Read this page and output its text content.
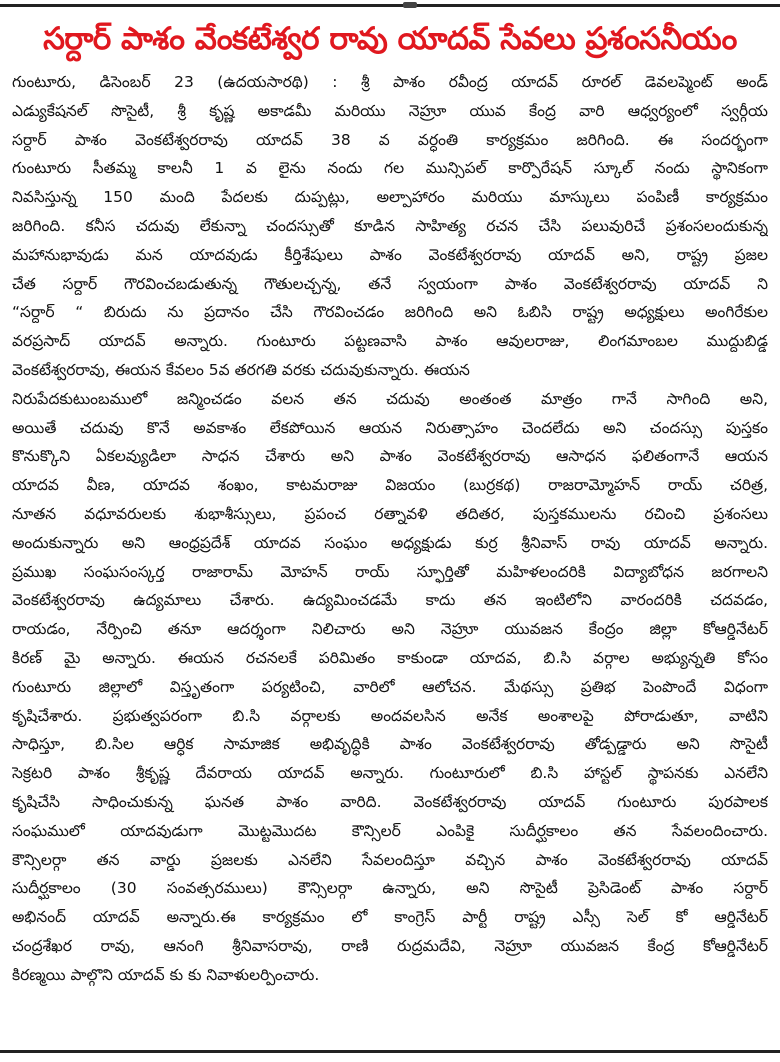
సర్దార్ పాశం వేంకటేశ్వర రావు యాదవ్ సేవలు ప్రశంసనీయం
గుంటూరు, డిసెంబర్ 23 (ఉదయసారథి) : శ్రీ పాశం రవీంద్ర యాదవ్ రూరల్ డెవలప్మెంట్ అండ్
ఎడ్యుకేషనల్ సొసైటీ, శ్రీ కృష్ణ అకాడమీ మరియు నెహ్రూ యువ కేంద్ర వారి ఆధ్వర్యంలో స్వర్గీయ
సర్దార్ పాశం వెంకటేశ్వరరావు యాదవ్ 38 వ వర్ధంతి కార్యక్రమం జరిగింది. ఈ సందర్భంగా
గుంటూరు సీతమ్మ కాలనీ 1 వ లైను నందు గల మున్సిపల్ కార్పొరేషన్ స్కూల్ నందు స్థానికంగా
నివసిస్తున్న 150 మంది పేదలకు దుప్పట్లు, అల్పాహారం మరియు మాస్కులు పంపిణీ కార్యక్రమం
జరిగింది. కనీస చదువు లేకున్నా చందస్సుతో కూడిన సాహిత్య రచన చేసి పలువురిచే ప్రశంసలందుకున్న
మహానుభావుడు మన యాదవుడు కీర్తిశేషులు పాశం వెంకటేశ్వరరావు యాదవ్ అని, రాష్ట్ర ప్రజల
చేత సర్దార్ గౌరవించబడుతున్న గౌతులచ్చన్న, తనే స్వయంగా పాశం వెంకటేశ్వరరావు యాదవ్ ని
“సర్దార్ “ బిరుదు ను ప్రదానం చేసి గౌరవించడం జరిగింది అని ఓబిసి రాష్ట్ర అధ్యక్షులు అంగిరేకుల
వరప్రసాద్ యాదవ్ అన్నారు. గుంటూరు పట్టణవాసి పాశం ఆవులరాజు, లింగమాంబల ముద్దుబిడ్డ
వెంకటేశ్వరరావు, ఈయన కేవలం 5వ తరగతి వరకు చదువుకున్నారు. ఈయన
నిరుపేదకుటుంబములో జన్మించడం వలన తన చదువు అంతంత మాత్రం గానే సాగింది అని,
అయితే చదువు కొనే అవకాశం లేకపోయిన ఆయన నిరుత్సాహం చెందలేదు అని చందస్సు పుస్తకం
కొనుక్కొని ఏకలవ్యుడిలా సాధన చేశారు అని పాశం వెంకటేశ్వరరావు ఆసాధన ఫలితంగానే ఆయన
యాదవ వీణ, యాదవ శంఖం, కాటమరాజు విజయం (బుర్రకథ) రాజరామ్మోహన్ రాయ్ చరిత్ర,
నూతన వధూవరులకు శుభాశీస్సులు, ప్రపంచ రత్నావళి తదితర, పుస్తకములను రచించి ప్రశంసలు
అందుకున్నారు అని ఆంధ్రప్రదేశ్ యాదవ సంఘం అధ్యక్షుడు కుర్ర శ్రీనివాస్ రావు యాదవ్ అన్నారు.
ప్రముఖ సంఘసంస్కర్త రాజారామ్ మోహన్ రాయ్ స్ఫూర్తితో మహిళలందరికి విద్యాబోధన జరగాలని
వెంకటేశ్వరరావు ఉద్యమాలు చేశారు. ఉద్యమించడమే కాదు తన ఇంటిలోని వారందరికి చదవడం,
రాయడం, నేర్పించి తనూ ఆదర్శంగా నిలిచారు అని నెహ్రూ యువజన కేంద్రం జిల్లా కోఆర్డినేటర్
కిరణ్ మై అన్నారు. ఈయన రచనలకే పరిమితం కాకుండా యాదవ, బి.సి వర్గాల అభ్యున్నతి కోసం
గుంటూరు జిల్లాలో విస్తృతంగా పర్యటించి, వారిలో ఆలోచన. మేథస్సు ప్రతిభ పెంపొందే విధంగా
కృషిచేశారు. ప్రభుత్వపరంగా బి.సి వర్గాలకు అందవలసిన అనేక అంశాలపై పోరాడుతూ, వాటిని
సాధిస్తూ, బి.సిల ఆర్ధిక సామాజిక అభివృద్ధికి పాశం వెంకటేశ్వరరావు తోడ్పడ్డారు అని సొసైటీ
సెక్రటరి పాశం శ్రీకృష్ణ దేవరాయ యాదవ్ అన్నారు. గుంటూరులో బి.సి హాస్టల్ స్థాపనకు ఎనలేని
కృషిచేసి సాధించుకున్న ఘనత పాశం వారిది. వెంకటేశ్వరరావు యాదవ్ గుంటూరు పురపాలక
సంఘములో యాదవుడుగా మొట్టమొదట కౌన్సిలర్ ఎంపికై సుదీర్ఘకాలం తన సేవలందించారు.
కౌన్సిలర్గా తన వార్డు ప్రజలకు ఎనలేని సేవలందిస్తూ వచ్చిన పాశం వెంకటేశ్వరరావు యాదవ్
సుదీర్ఘకాలం (30 సంవత్సరములు) కౌన్సిలర్గా ఉన్నారు, అని సొసైటీ ప్రెసిడెంట్ పాశం సర్దార్
అభినంద్ యాదవ్ అన్నారు.ఈ కార్యక్రమం లో కాంగ్రెస్ పార్టీ రాష్ట్ర ఎస్సీ సెల్ కో ఆర్డినేటర్
చంద్రశేఖర రావు, ఆనంగి శ్రీనివాసరావు, రాణి రుద్రమదేవి, నెహ్రూ యువజన కేంద్ర కోఆర్డినేటర్
కిరణ్మయి పాల్గొని యాదవ్ కు కు నివాళులర్పించారు.
